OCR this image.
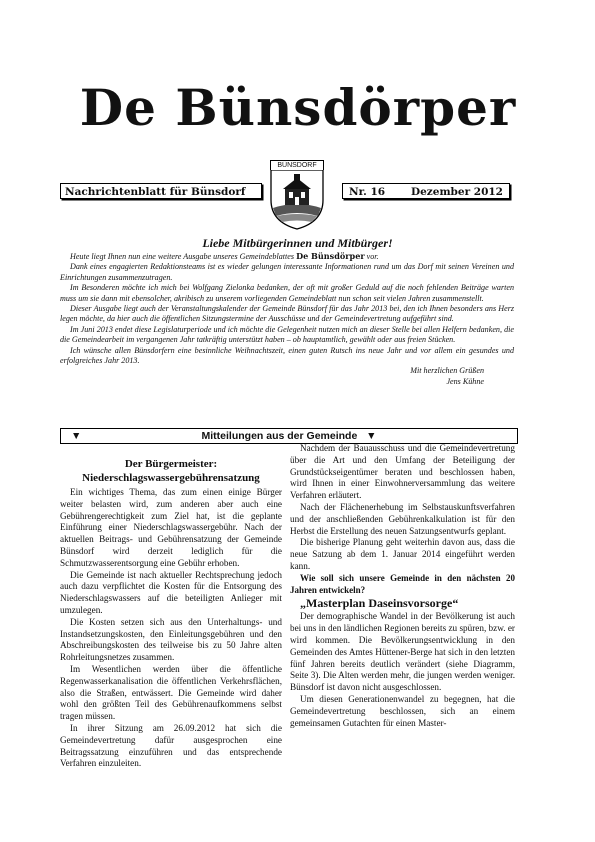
De Bünsdörper
Nachrichtenblatt für Bünsdorf
BÜNSDORF
Nr. 16 Dezember 2012
Liebe Mitbürgerinnen und Mitbürger!

Heute liegt Ihnen nun eine weitere Ausgabe unseres Gemeindeblattes De Bünsdörper vor.

Dank eines engagierten Redaktionsteams ist es wieder gelungen interessante Informationen rund um das Dorf mit seinen Vereinen und Einrichtungen zusammenzutragen.

Im Besonderen möchte ich mich bei Wolfgang Zielonka bedanken, der oft mit großer Geduld auf die noch fehlenden Beiträge warten muss um sie dann mit ebensolcher, akribisch zu unserem vorliegenden Gemeindeblatt nun schon seit vielen Jahren zusammenstellt.

Dieser Ausgabe liegt auch der Veranstaltungskalender der Gemeinde Bünsdorf für das Jahr 2013 bei, den ich Ihnen besonders ans Herz legen möchte, da hier auch die öffentlichen Sitzungstermine der Ausschüsse und der Gemeindevertretung aufgeführt sind.

Im Juni 2013 endet diese Legislaturperiode und ich möchte die Gelegenheit nutzen mich an dieser Stelle bei allen Helfern bedanken, die die Gemeindearbeit im vergangenen Jahr tatkräftig unterstützt haben – ob hauptamtlich, gewählt oder aus freien Stücken.

Ich wünsche allen Bünsdorfern eine besinnliche Weihnachtszeit, einen guten Rutsch ins neue Jahr und vor allem ein gesundes und erfolgreiches Jahr 2013.

Mit herzlichen Grüßen
Jens Kühne
▼	Mitteilungen aus der Gemeinde ▼
Der Bürgermeister:
Niederschlagswassergebührensatzung

Ein wichtiges Thema, das zum einen einige Bürger weiter belasten wird, zum anderen aber auch eine Gebührengerechtigkeit zum Ziel hat, ist die geplante Einführung einer Niederschlagswassergebühr. Nach der aktuellen Beitrags- und Gebührensatzung der Gemeinde Bünsdorf wird derzeit lediglich für die Schmutzwasserentsorgung eine Gebühr erhoben.

Die Gemeinde ist nach aktueller Rechtsprechung jedoch auch dazu verpflichtet die Kosten für die Entsorgung des Niederschlagswassers auf die beteiligten Anlieger mit umzulegen.

Die Kosten setzen sich aus den Unterhaltungs- und Instandsetzungskosten, den Einleitungsgebühren und den Abschreibungskosten des teilweise bis zu 50 Jahre alten Rohrleitungsnetzes zusammen.

Im Wesentlichen werden über die öffentliche Regenwasserkanalisation die öffentlichen Verkehrsflächen, also die Straßen, entwässert. Die Gemeinde wird daher wohl den größten Teil des Gebührenaufkommens selbst tragen müssen.

In ihrer Sitzung am 26.09.2012 hat sich die Gemeindevertretung dafür ausgesprochen eine Beitragssatzung einzuführen und das entsprechende Verfahren einzuleiten.

Nachdem der Bauausschuss und die Gemeindevertretung über die Art und den Umfang der Beteiligung der Grundstückseigentümer beraten und beschlossen haben, wird Ihnen in einer Einwohnerversammlung das weitere Verfahren erläutert.

Nach der Flächenerhebung im Selbstauskunftsverfahren und der anschließenden Gebührenkalkulation ist für den Herbst die Erstellung des neuen Satzungsentwurfs geplant.

Die bisherige Planung geht weiterhin davon aus, dass die neue Satzung ab dem 1. Januar 2014 eingeführt werden kann.

Wie soll sich unsere Gemeinde in den nächsten 20 Jahren entwickeln?

„Masterplan Daseinsvorsorge“

Der demographische Wandel in der Bevölkerung ist auch bei uns in den ländlichen Regionen bereits zu spüren, bzw. er wird kommen. Die Bevölkerungsentwicklung in den Gemeinden des Amtes Hüttener-Berge hat sich in den letzten fünf Jahren bereits deutlich verändert (siehe Diagramm, Seite 3). Die Alten werden mehr, die jungen werden weniger. Bünsdorf ist davon nicht ausgeschlossen.

Um diesen Generationenwandel zu begegnen, hat die Gemeindevertretung beschlossen, sich an einem gemeinsamen Gutachten für einen Master-
